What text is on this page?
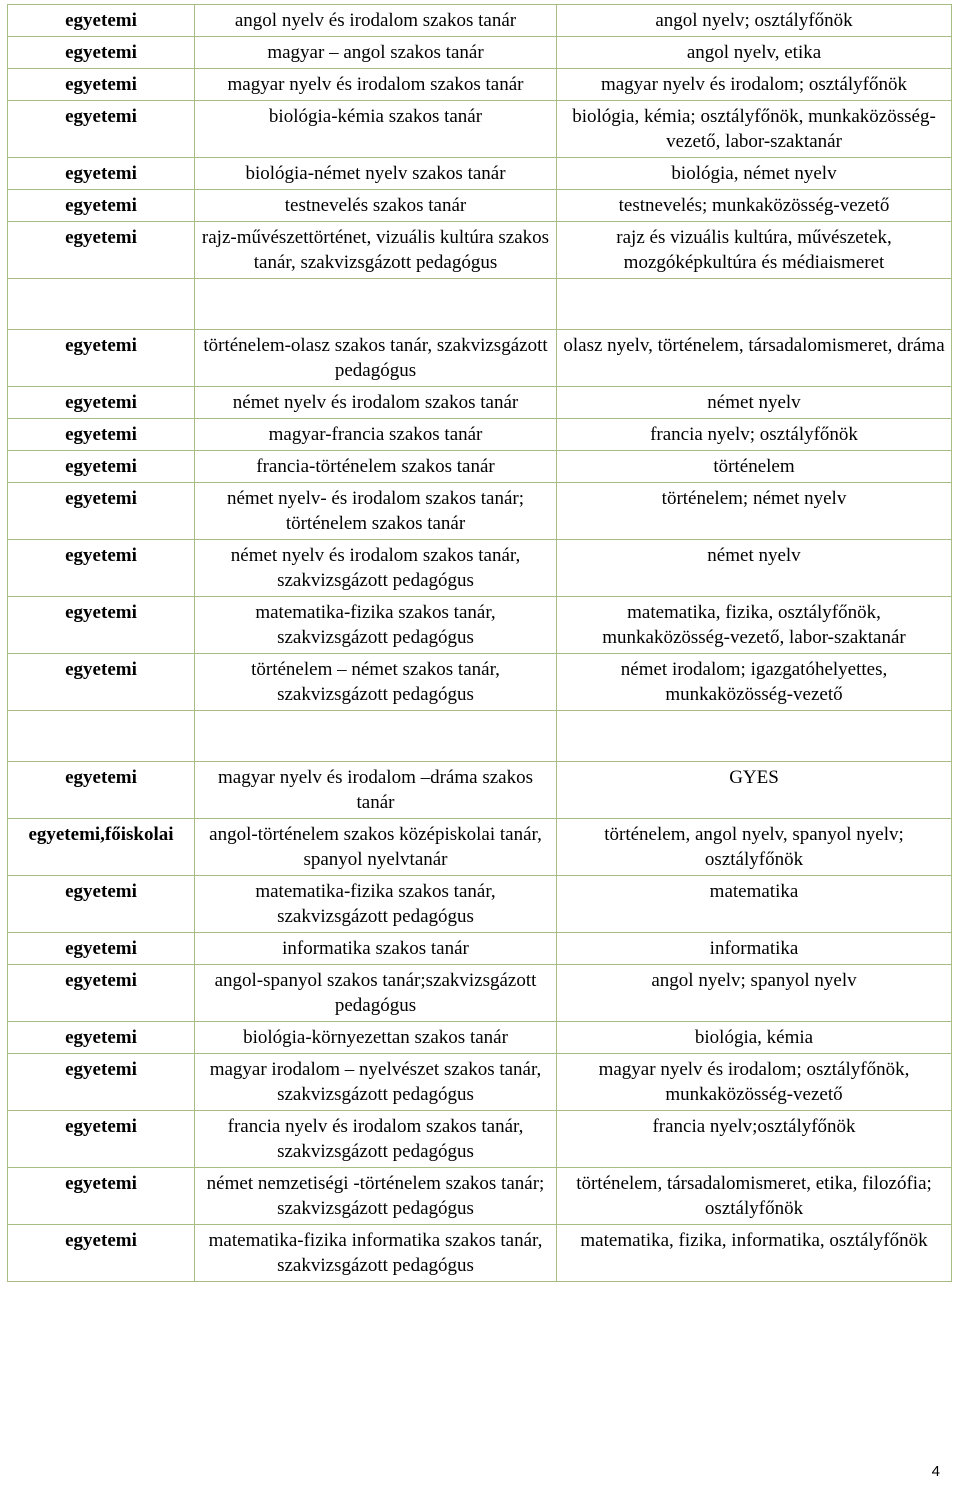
egyetemi	angol nyelv és irodalom szakos tanár	angol nyelv; osztályfőnök
egyetemi	magyar – angol szakos tanár	angol nyelv, etika
egyetemi	magyar nyelv és irodalom szakos tanár	magyar nyelv és irodalom; osztályfőnök
egyetemi	biológia-kémia szakos tanár	biológia, kémia; osztályfőnök, munkaközösség-vezető, labor-szaktanár
egyetemi	biológia-német nyelv szakos tanár	biológia, német nyelv
egyetemi	testnevelés szakos tanár	testnevelés; munkaközösség-vezető
egyetemi	rajz-művészettörténet, vizuális kultúra szakos tanár, szakvizsgázott pedagógus	rajz és vizuális kultúra, művészetek, mozgóképkultúra és médiaismeret

egyetemi	történelem-olasz szakos tanár, szakvizsgázott pedagógus	olasz nyelv, történelem, társadalomismeret, dráma
egyetemi	német nyelv és irodalom szakos tanár	német nyelv
egyetemi	magyar-francia szakos tanár	francia nyelv; osztályfőnök
egyetemi	francia-történelem szakos tanár	történelem
egyetemi	német nyelv- és irodalom szakos tanár; történelem szakos tanár	történelem; német nyelv
egyetemi	német nyelv és irodalom szakos tanár, szakvizsgázott pedagógus	német nyelv
egyetemi	matematika-fizika szakos tanár, szakvizsgázott pedagógus	matematika, fizika, osztályfőnök, munkaközösség-vezető, labor-szaktanár
egyetemi	történelem – német szakos tanár, szakvizsgázott pedagógus	német irodalom; igazgatóhelyettes, munkaközösség-vezető

egyetemi	magyar nyelv és irodalom –dráma szakos tanár	GYES
egyetemi,főiskolai	angol-történelem szakos középiskolai tanár, spanyol nyelvtanár	történelem, angol nyelv, spanyol nyelv; osztályfőnök
egyetemi	matematika-fizika szakos tanár, szakvizsgázott pedagógus	matematika
egyetemi	informatika szakos tanár	informatika
egyetemi	angol-spanyol szakos tanár;szakvizsgázott pedagógus	angol nyelv; spanyol nyelv
egyetemi	biológia-környezettan szakos tanár	biológia, kémia
egyetemi	magyar irodalom – nyelvészet szakos tanár, szakvizsgázott pedagógus	magyar nyelv és irodalom; osztályfőnök, munkaközösség-vezető
egyetemi	francia nyelv és irodalom szakos tanár, szakvizsgázott pedagógus	francia nyelv;osztályfőnök
egyetemi	német nemzetiségi -történelem szakos tanár; szakvizsgázott pedagógus	történelem, társadalomismeret, etika, filozófia; osztályfőnök
egyetemi	matematika-fizika informatika szakos tanár, szakvizsgázott pedagógus	matematika, fizika, informatika, osztályfőnök
4
